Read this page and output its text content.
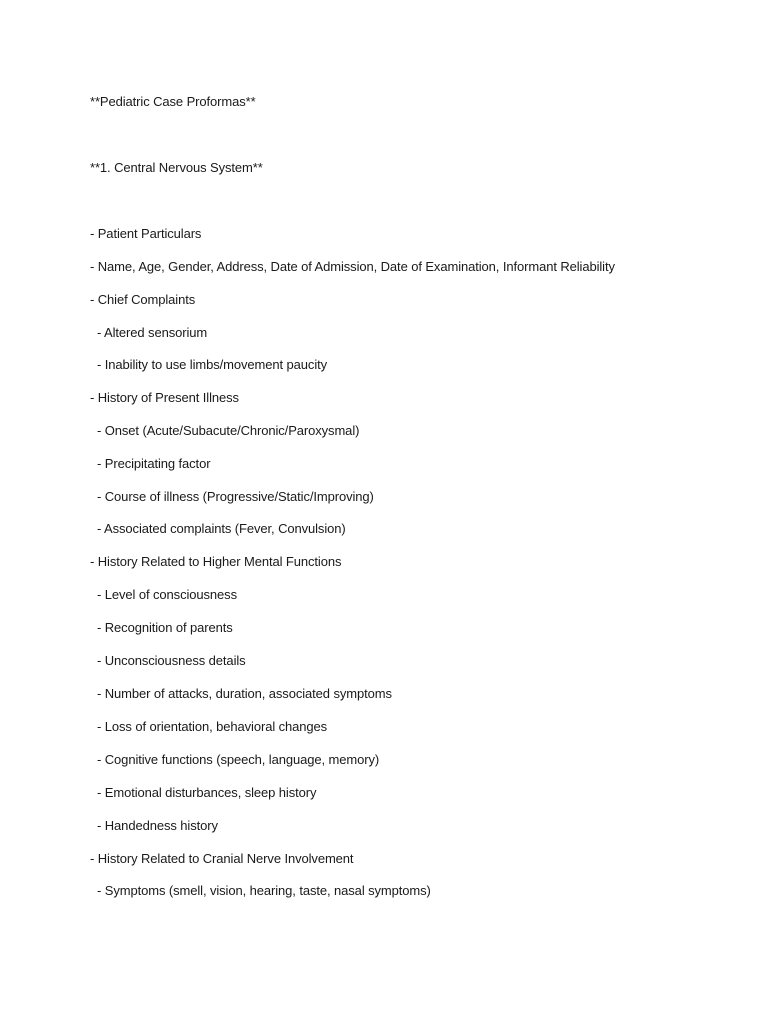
**Pediatric Case Proformas**
**1. Central Nervous System**
- Patient Particulars
- Name, Age, Gender, Address, Date of Admission, Date of Examination, Informant Reliability
- Chief Complaints
- Altered sensorium
- Inability to use limbs/movement paucity
- History of Present Illness
- Onset (Acute/Subacute/Chronic/Paroxysmal)
- Precipitating factor
- Course of illness (Progressive/Static/Improving)
- Associated complaints (Fever, Convulsion)
- History Related to Higher Mental Functions
- Level of consciousness
- Recognition of parents
- Unconsciousness details
- Number of attacks, duration, associated symptoms
- Loss of orientation, behavioral changes
- Cognitive functions (speech, language, memory)
- Emotional disturbances, sleep history
- Handedness history
- History Related to Cranial Nerve Involvement
- Symptoms (smell, vision, hearing, taste, nasal symptoms)
